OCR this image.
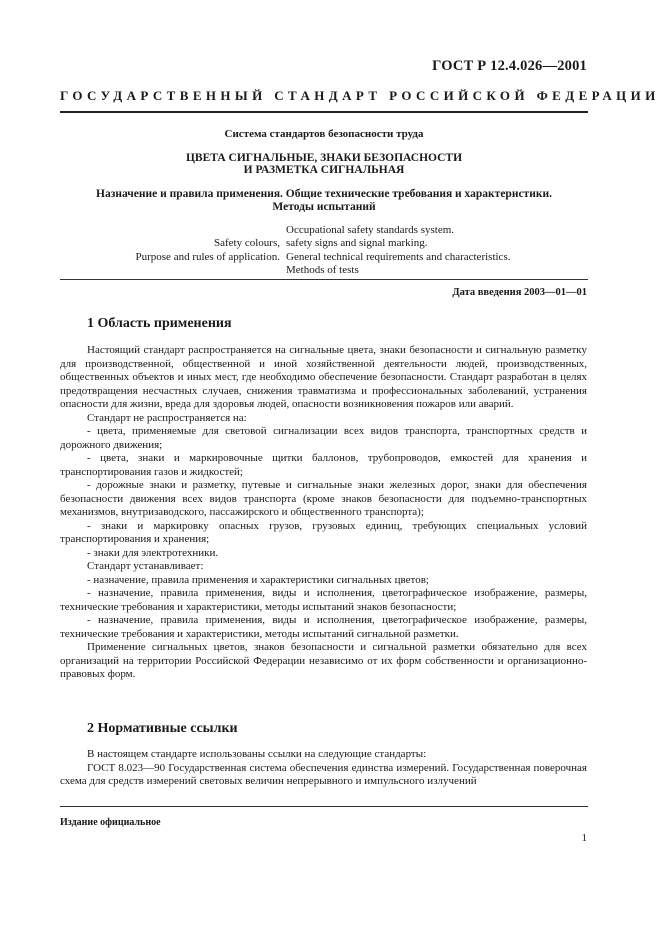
ГОСТ Р 12.4.026—2001
ГОСУДАРСТВЕННЫЙ СТАНДАРТ РОССИЙСКОЙ ФЕДЕРАЦИИ
Система стандартов безопасности труда
ЦВЕТА СИГНАЛЬНЫЕ, ЗНАКИ БЕЗОПАСНОСТИ
И РАЗМЕТКА СИГНАЛЬНАЯ
Назначение и правила применения. Общие технические требования и характеристики.
Методы испытаний
Safety colours,
Purpose and rules of application.
Occupational safety standards system.
safety signs and signal marking.
General technical requirements and characteristics.
Methods of tests
Дата введения 2003—01—01
1 Область применения

Настоящий стандарт распространяется на сигнальные цвета, знаки безопасности и сигнальную разметку для производственной, общественной и иной хозяйственной деятельности людей, производственных, общественных объектов и иных мест, где необходимо обеспечение безопасности. Стандарт разработан в целях предотвращения несчастных случаев, снижения травматизма и профессиональных заболеваний, устранения опасности для жизни, вреда для здоровья людей, опасности возникновения пожаров или аварий.

Стандарт не распространяется на:

- цвета, применяемые для световой сигнализации всех видов транспорта, транспортных средств и дорожного движения;

- цвета, знаки и маркировочные щитки баллонов, трубопроводов, емкостей для хранения и транспортирования газов и жидкостей;

- дорожные знаки и разметку, путевые и сигнальные знаки железных дорог, знаки для обеспечения безопасности движения всех видов транспорта (кроме знаков безопасности для подъемно-транспортных механизмов, внутризаводского, пассажирского и общественного транспорта);

- знаки и маркировку опасных грузов, грузовых единиц, требующих специальных условий транспортирования и хранения;

- знаки для электротехники.

Стандарт устанавливает:

- назначение, правила применения и характеристики сигнальных цветов;

- назначение, правила применения, виды и исполнения, цветографическое изображение, размеры, технические требования и характеристики, методы испытаний знаков безопасности;

- назначение, правила применения, виды и исполнения, цветографическое изображение, размеры, технические требования и характеристики, методы испытаний сигнальной разметки.

Применение сигнальных цветов, знаков безопасности и сигнальной разметки обязательно для всех организаций на территории Российской Федерации независимо от их форм собственности и организационно-правовых форм.

2 Нормативные ссылки

В настоящем стандарте использованы ссылки на следующие стандарты:

ГОСТ 8.023—90 Государственная система обеспечения единства измерений. Государственная поверочная схема для средств измерений световых величин непрерывного и импульсного излучений

Издание официальное
1
